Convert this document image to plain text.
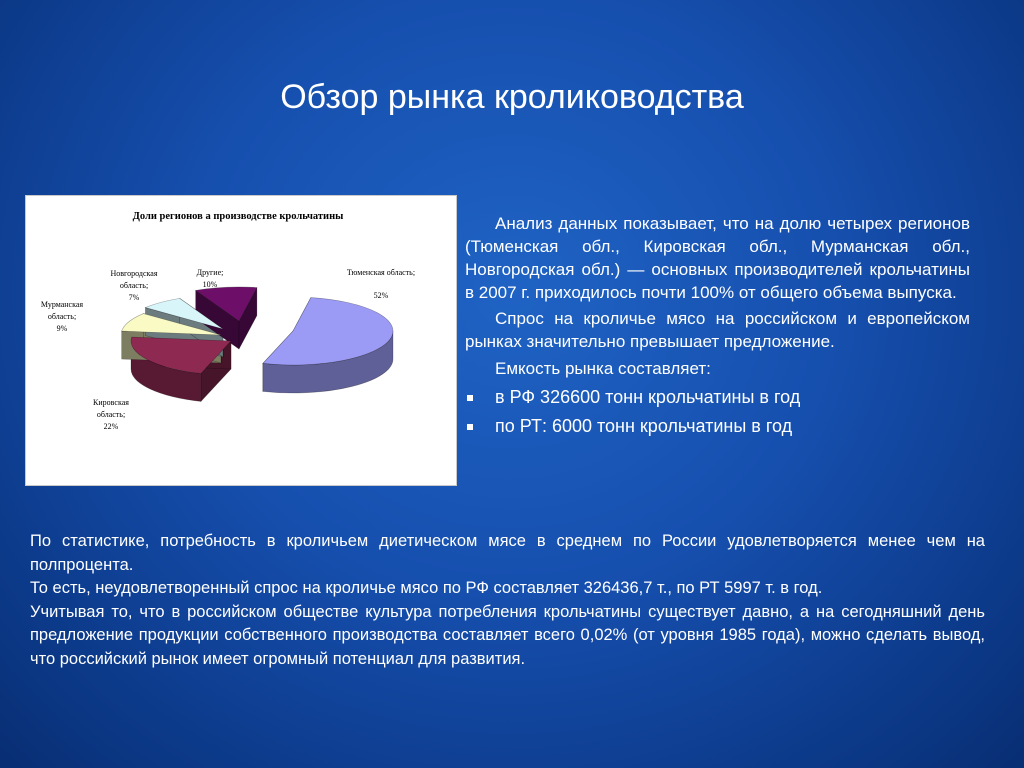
Обзор рынка кролиководства
Доли регионов а производстве крольчатины
Тюменская область;
52%
Кировская
область;
22%
Мурманская
область;
9%
Новгородская
область;
7%
Другие;
10%

Анализ данных показывает, что на долю четырех регионов (Тюменская обл., Кировская обл., Мурманская обл., Новгородская обл.) — основных производителей крольчатины в 2007 г. приходилось почти 100% от общего объема выпуска.

Спрос на кроличье мясо на российском и европейском рынках значительно превышает предложение.

Емкость рынка составляет:
в РФ 326600 тонн крольчатины в год
по РТ: 6000 тонн крольчатины в год

По статистике, потребность в кроличьем диетическом мясе в среднем по России удовлетворяется менее чем на полпроцента.

То есть, неудовлетворенный спрос на кроличье мясо по РФ составляет 326436,7 т., по РТ 5997 т. в год.

Учитывая то, что в российском обществе культура потребления крольчатины существует давно, а на сегодняшний день предложение продукции собственного производства составляет всего 0,02% (от уровня 1985 года), можно сделать вывод, что российский рынок имеет огромный потенциал для развития.
